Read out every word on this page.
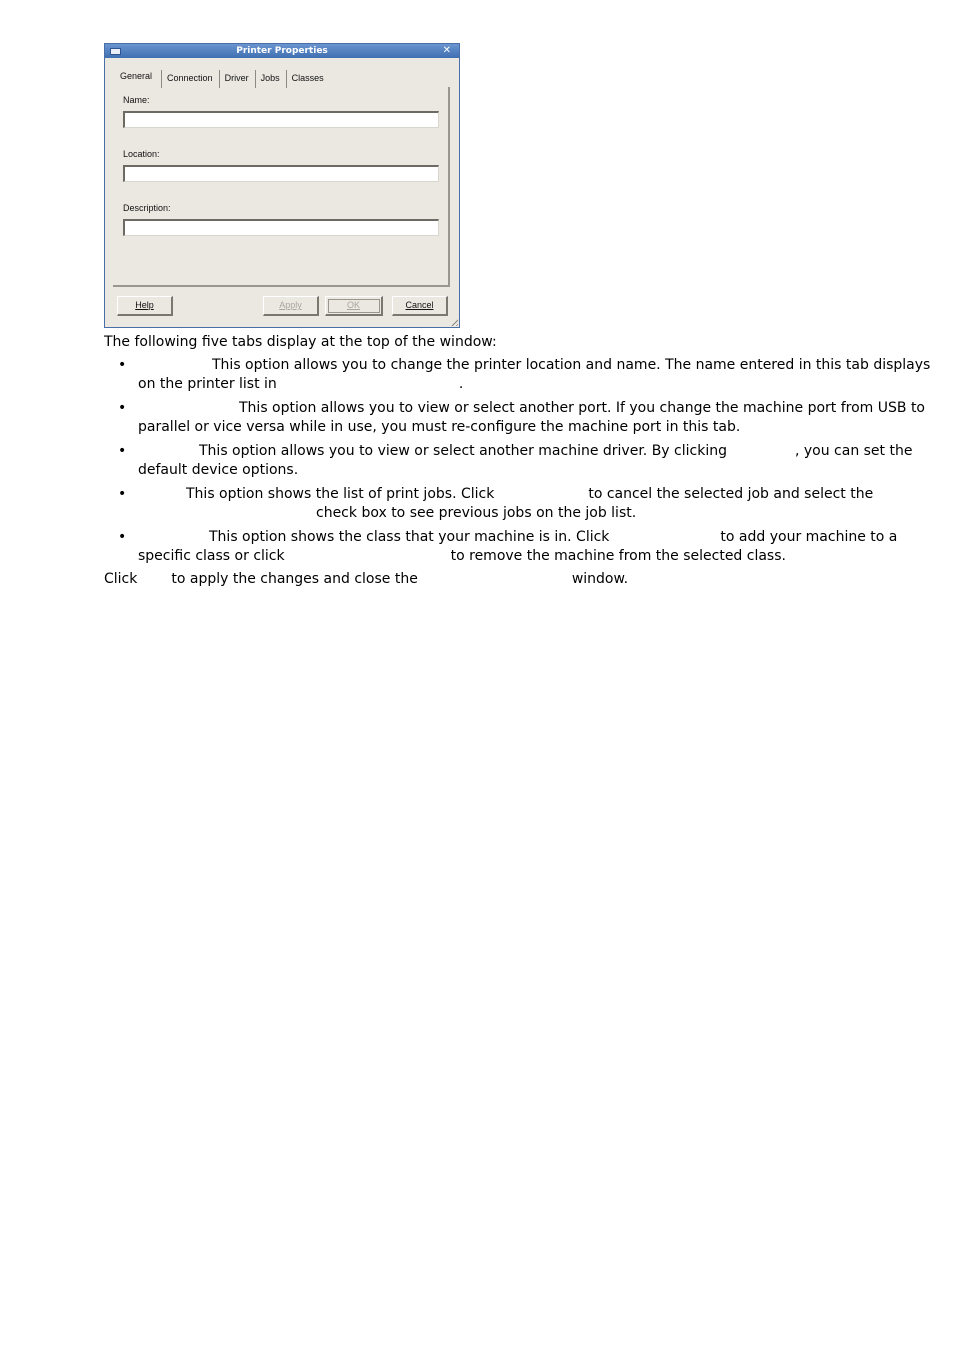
Printer Properties	✕
General	Connection	Driver	Jobs	Classes
Name:
Location:
Description:
Help	Apply	OK	Cancel
The following five tabs display at the top of the window:
•	This option allows you to change the printer location and name. The name entered in this tab displays on the printer list in	.
•	This option allows you to view or select another port. If you change the machine port from USB to parallel or vice versa while in use, you must re-configure the machine port in this tab.
•	This option allows you to view or select another machine driver. By clicking	, you can set the default device options.
•	This option shows the list of print jobs. Click	to cancel the selected job and select thecheck box to see previous jobs on the job list.
•	This option shows the class that your machine is in. Click	to add your machine to a specific class or click	to remove the machine from the selected class.
Click to apply the changes and close the	window.
